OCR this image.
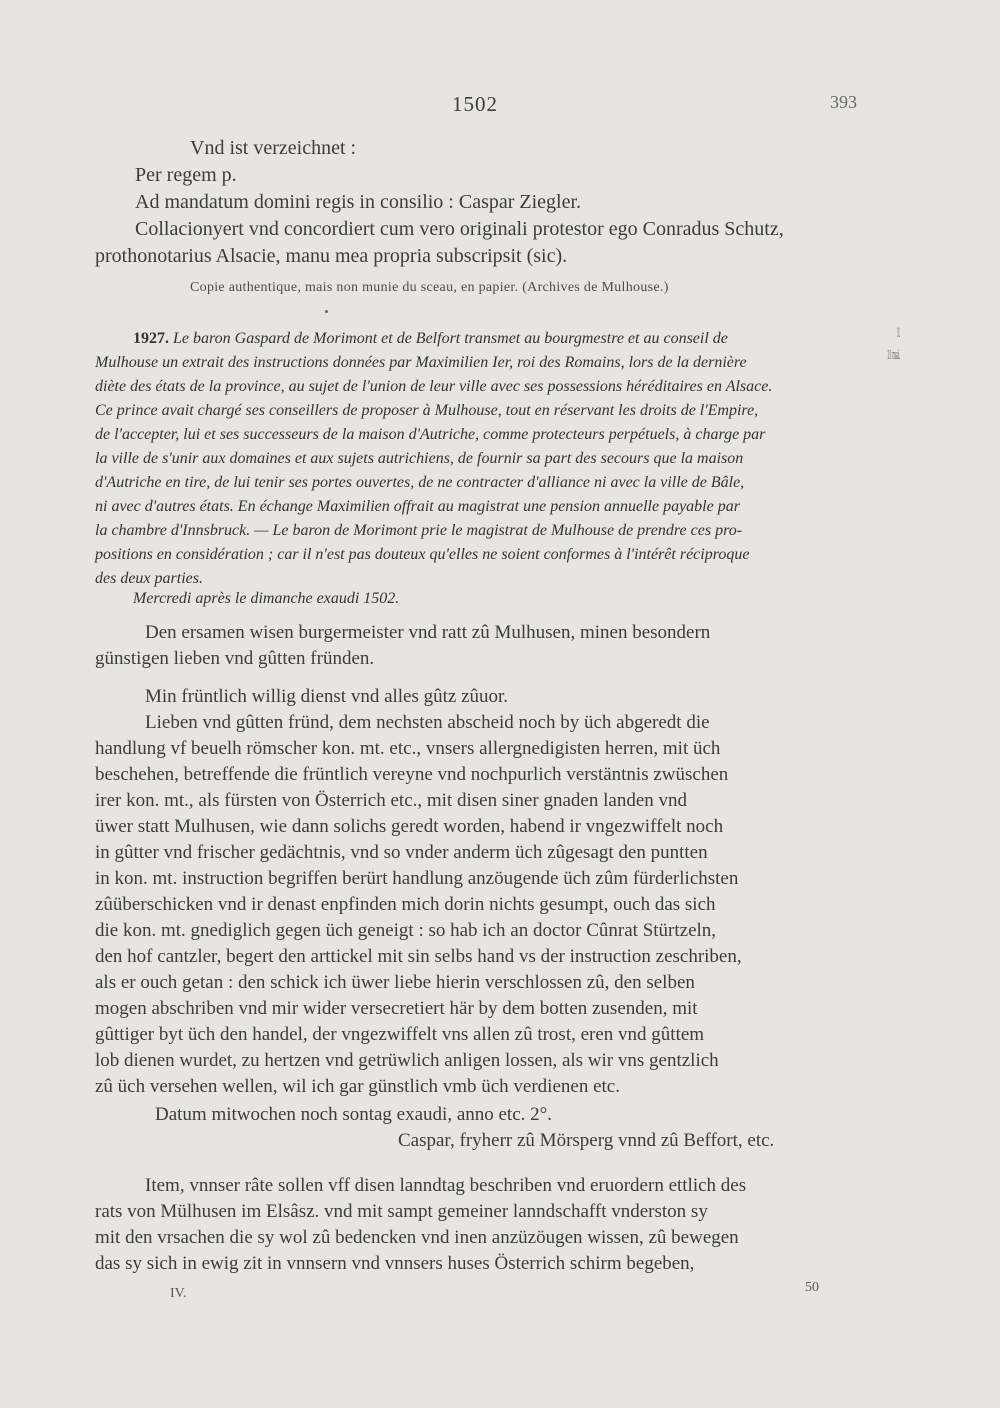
1502	393
Vnd ist verzeichnet :
Per regem p.
Ad mandatum domini regis in consilio : Caspar Ziegler.
Collacionyert vnd concordiert cum vero originali protestor ego Conradus Schutz,
prothonotarius Alsacie, manu mea propria subscripsit (sic).
Copie authentique, mais non munie du sceau, en papier. (Archives de Mulhouse.)
1502.
11 mai.
1927. Le baron Gaspard de Morimont et de Belfort transmet au bourgmestre et au conseil de
Mulhouse un extrait des instructions données par Maximilien Ier, roi des Romains, lors de la dernière
diète des états de la province, au sujet de l'union de leur ville avec ses possessions héréditaires en Alsace.
Ce prince avait chargé ses conseillers de proposer à Mulhouse, tout en réservant les droits de l'Empire,
de l'accepter, lui et ses successeurs de la maison d'Autriche, comme protecteurs perpétuels, à charge par
la ville de s'unir aux domaines et aux sujets autrichiens, de fournir sa part des secours que la maison
d'Autriche en tire, de lui tenir ses portes ouvertes, de ne contracter d'alliance ni avec la ville de Bâle,
ni avec d'autres états. En échange Maximilien offrait au magistrat une pension annuelle payable par
la chambre d'Innsbruck. — Le baron de Morimont prie le magistrat de Mulhouse de prendre ces pro-
positions en considération ; car il n'est pas douteux qu'elles ne soient conformes à l'intérêt réciproque
des deux parties.
Mercredi après le dimanche exaudi 1502.
Den ersamen wisen burgermeister vnd ratt zû Mulhusen, minen besondern
günstigen lieben vnd gûtten fründen.
Min früntlich willig dienst vnd alles gûtz zûuor.
Lieben vnd gûtten fründ, dem nechsten abscheid noch by üch abgeredt die
handlung vf beuelh römscher kon. mt. etc., vnsers allergnedigisten herren, mit üch
beschehen, betreffende die früntlich vereyne vnd nochpurlich verstäntnis zwüschen
irer kon. mt., als fürsten von Österrich etc., mit disen siner gnaden landen vnd
üwer statt Mulhusen, wie dann solichs geredt worden, habend ir vngezwiffelt noch
in gûtter vnd frischer gedächtnis, vnd so vnder anderm üch zûgesagt den puntten
in kon. mt. instruction begriffen berürt handlung anzöugende üch zûm fürderlichsten
zûüberschicken vnd ir denast enpfinden mich dorin nichts gesumpt, ouch das sich
die kon. mt. gnediglich gegen üch geneigt : so hab ich an doctor Cûnrat Stürtzeln,
den hof cantzler, begert den arttickel mit sin selbs hand vs der instruction zeschriben,
als er ouch getan : den schick ich üwer liebe hierin verschlossen zû, den selben
mogen abschriben vnd mir wider versecretiert här by dem botten zusenden, mit
gûttiger byt üch den handel, der vngezwiffelt vns allen zû trost, eren vnd gûttem
lob dienen wurdet, zu hertzen vnd getrüwlich anligen lossen, als wir vns gentzlich
zû üch versehen wellen, wil ich gar günstlich vmb üch verdienen etc.
Datum mitwochen noch sontag exaudi, anno etc. 2°.
Caspar, fryherr zû Mörsperg vnnd zû Beffort, etc.
Item, vnnser râte sollen vff disen lanndtag beschriben vnd eruordern ettlich des
rats von Mülhusen im Elsâsz. vnd mit sampt gemeiner lanndschafft vnderston sy
mit den vrsachen die sy wol zû bedencken vnd inen anzüzöugen wissen, zû bewegen
das sy sich in ewig zit in vnnsern vnd vnnsers huses Österrich schirm begeben,
IV.	50
